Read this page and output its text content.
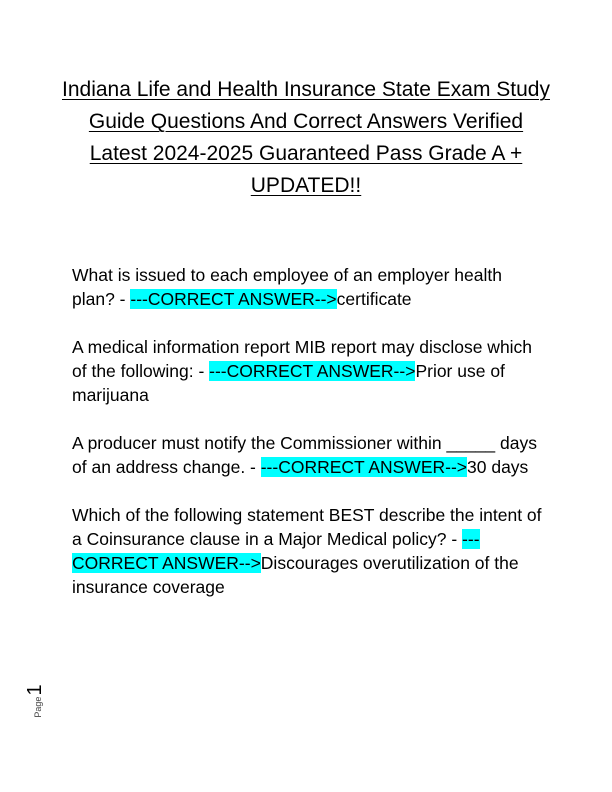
Indiana Life and Health Insurance State Exam Study Guide Questions And Correct Answers Verified Latest 2024-2025 Guaranteed Pass Grade A + UPDATED!!

What is issued to each employee of an employer health plan? - ---CORRECT ANSWER-->certificate

A medical information report MIB report may disclose which of the following: - ---CORRECT ANSWER-->Prior use of marijuana

A producer must notify the Commissioner within _____ days of an address change. - ---CORRECT ANSWER-->30 days

Which of the following statement BEST describe the intent of a Coinsurance clause in a Major Medical policy? - ---CORRECT ANSWER-->Discourages overutilization of the insurance coverage

Page
1
